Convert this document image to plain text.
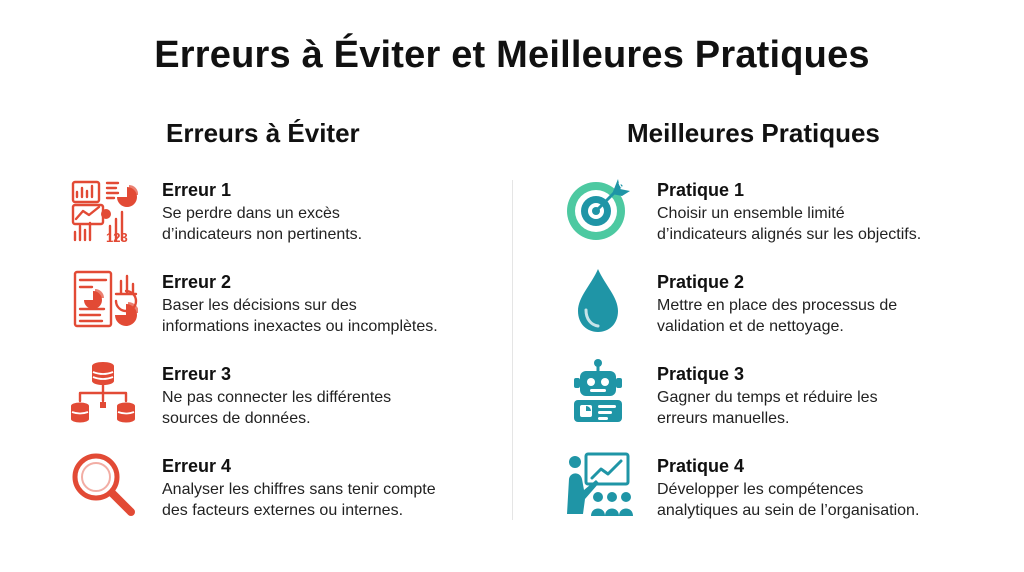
Erreurs à Éviter et Meilleures Pratiques
Erreurs à Éviter	Meilleures Pratiques
123

Erreur 1

Se perdre dans un excès
d’indicateurs non pertinents.

Erreur 2

Baser les décisions sur des
informations inexactes ou incomplètes.

Erreur 3

Ne pas connecter les différentes
sources de données.

Erreur 4

Analyser les chiffres sans tenir compte
des facteurs externes ou internes.

Pratique 1

Choisir un ensemble limité
d’indicateurs alignés sur les objectifs.

Pratique 2

Mettre en place des processus de
validation et de nettoyage.

Pratique 3

Gagner du temps et réduire les
erreurs manuelles.

Pratique 4

Développer les compétences
analytiques au sein de l’organisation.
